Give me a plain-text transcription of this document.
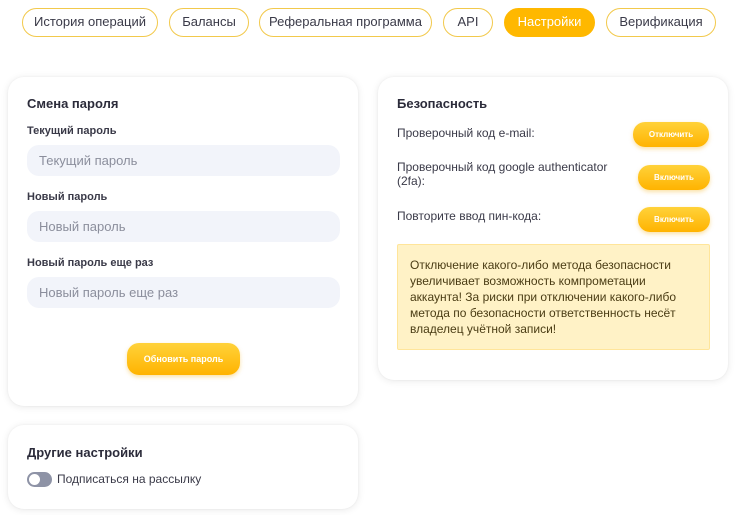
История операций	Балансы	Реферальная программа	API	Настройки	Верификация
Смена пароля
Текущий пароль
Новый пароль
Новый пароль еще раз
Обновить пароль
Безопасность
Проверочный код e-mail:	Отключить
Проверочный код google authenticator (2fa):	Включить
Повторите ввод пин-кода:	Включить
Отключение какого-либо метода безопасности увеличивает возможность компрометации аккаунта! За риски при отключении какого-либо метода по безопасности ответственность несёт владелец учётной записи!
Другие настройки
Подписаться на рассылку
